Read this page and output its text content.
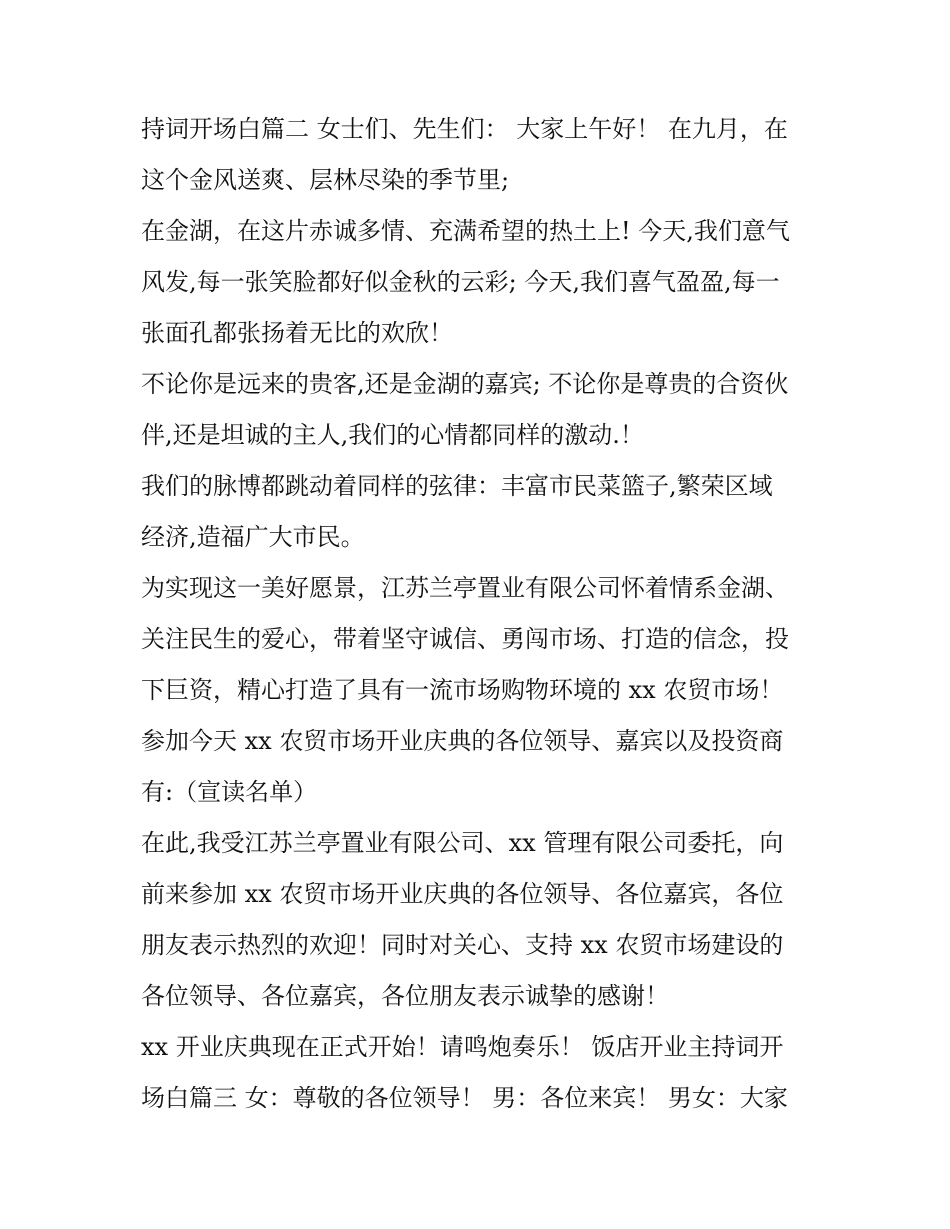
持词开场白篇二 女士们、先生们： 大家上午好！ 在九月，在
这个金风送爽、层林尽染的季节里;

在金湖，在这片赤诚多情、充满希望的热土上! 今天,我们意气
风发,每一张笑脸都好似金秋的云彩; 今天,我们喜气盈盈,每一
张面孔都张扬着无比的欢欣！

不论你是远来的贵客,还是金湖的嘉宾; 不论你是尊贵的合资伙
伴,还是坦诚的主人,我们的心情都同样的激动.！

我们的脉博都跳动着同样的弦律：丰富市民菜篮子,繁荣区域
经济,造福广大市民。

为实现这一美好愿景，江苏兰亭置业有限公司怀着情系金湖、
关注民生的爱心，带着坚守诚信、勇闯市场、打造的信念，投
下巨资，精心打造了具有一流市场购物环境的 xx 农贸市场！

参加今天 xx 农贸市场开业庆典的各位领导、嘉宾以及投资商
有:（宣读名单）

在此,我受江苏兰亭置业有限公司、xx 管理有限公司委托，向
前来参加 xx 农贸市场开业庆典的各位领导、各位嘉宾，各位
朋友表示热烈的欢迎！同时对关心、支持 xx 农贸市场建设的
各位领导、各位嘉宾，各位朋友表示诚挚的感谢！

xx 开业庆典现在正式开始！请鸣炮奏乐！ 饭店开业主持词开
场白篇三 女：尊敬的各位领导！ 男：各位来宾！ 男女：大家
